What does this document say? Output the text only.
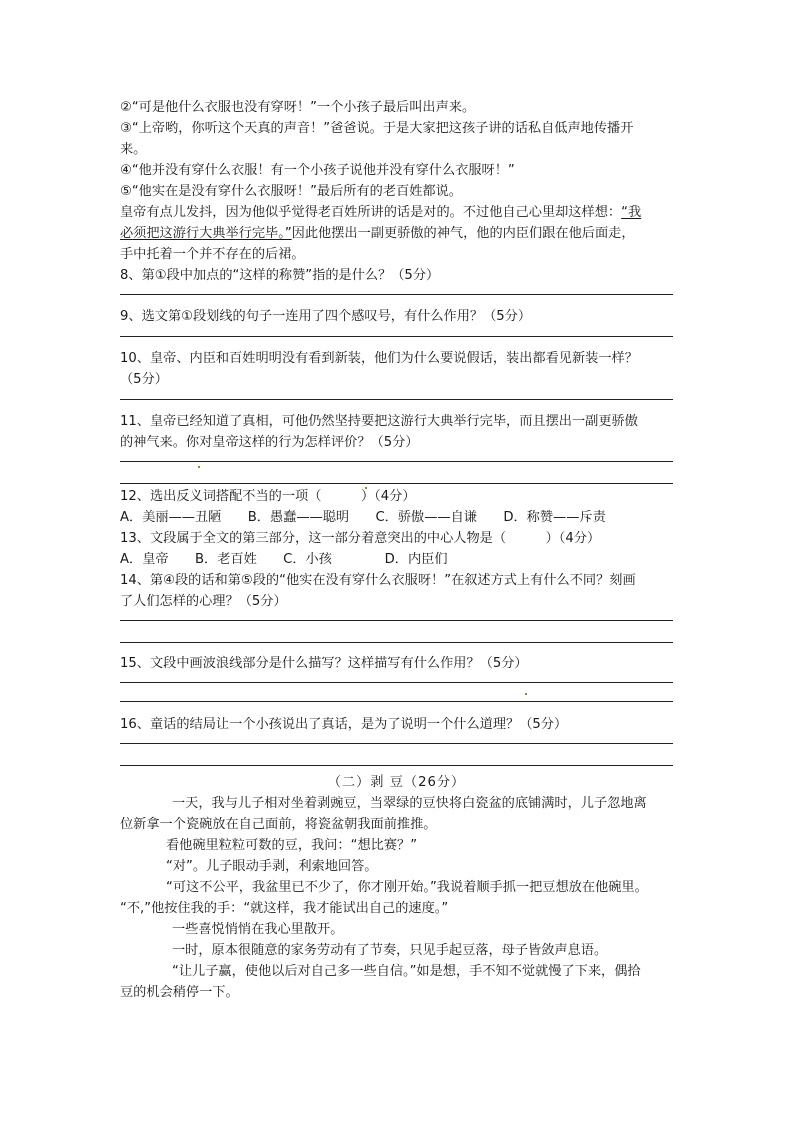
②“可是他什么衣服也没有穿呀！”一个小孩子最后叫出声来。
③“上帝哟，你听这个天真的声音！”爸爸说。于是大家把这孩子讲的话私自低声地传播开
来。
④“他并没有穿什么衣服！有一个小孩子说他并没有穿什么衣服呀！”
⑤“他实在是没有穿什么衣服呀！”最后所有的老百姓都说。
皇帝有点儿发抖，因为他似乎觉得老百姓所讲的话是对的。不过他自己心里却这样想：“我
必须把这游行大典举行完毕。”因此他摆出一副更骄傲的神气，他的内臣们跟在他后面走，
手中托着一个并不存在的后裙。
8、第①段中加点的“这样的称赞”指的是什么？（5分）
9、选文第①段划线的句子一连用了四个感叹号，有什么作用？（5分）
10、皇帝、内臣和百姓明明没有看到新装，他们为什么要说假话，装出都看见新装一样？
（5分）
11、皇帝已经知道了真相，可他仍然坚持要把这游行大典举行完毕，而且摆出一副更骄傲
的神气来。你对皇帝这样的行为怎样评价？（5分）
12、选出反义词搭配不当的一项（　　　）（4分）
A．美丽——丑陋　　B．愚蠢——聪明　　C．骄傲——自谦　　D．称赞——斥责
13、文段属于全文的第三部分，这一部分着意突出的中心人物是（　　　）（4分）
A．皇帝　　B．老百姓　　C．小孩　　　　D．内臣们
14、第④段的话和第⑤段的“他实在没有穿什么衣服呀！”在叙述方式上有什么不同？刻画
了人们怎样的心理？（5分）
15、文段中画波浪线部分是什么描写？这样描写有什么作用？（5分）
16、童话的结局让一个小孩说出了真话，是为了说明一个什么道理？（5分）
（二）剥 豆（26分）
一天，我与儿子相对坐着剥豌豆，当翠绿的豆快将白瓷盆的底铺满时，儿子忽地离
位新拿一个瓷碗放在自己面前，将瓷盆朝我面前推推。
看他碗里粒粒可数的豆，我问：“想比赛？”
“对”。儿子眼动手剥，利索地回答。
“可这不公平，我盆里已不少了，你才刚开始。”我说着顺手抓一把豆想放在他碗里。
“不,”他按住我的手：“就这样，我才能试出自己的速度。”
一些喜悦悄悄在我心里散开。
一时，原本很随意的家务劳动有了节奏，只见手起豆落，母子皆敛声息语。
“让儿子赢，使他以后对自己多一些自信。”如是想，手不知不觉就慢了下来，偶拾
豆的机会稍停一下。
